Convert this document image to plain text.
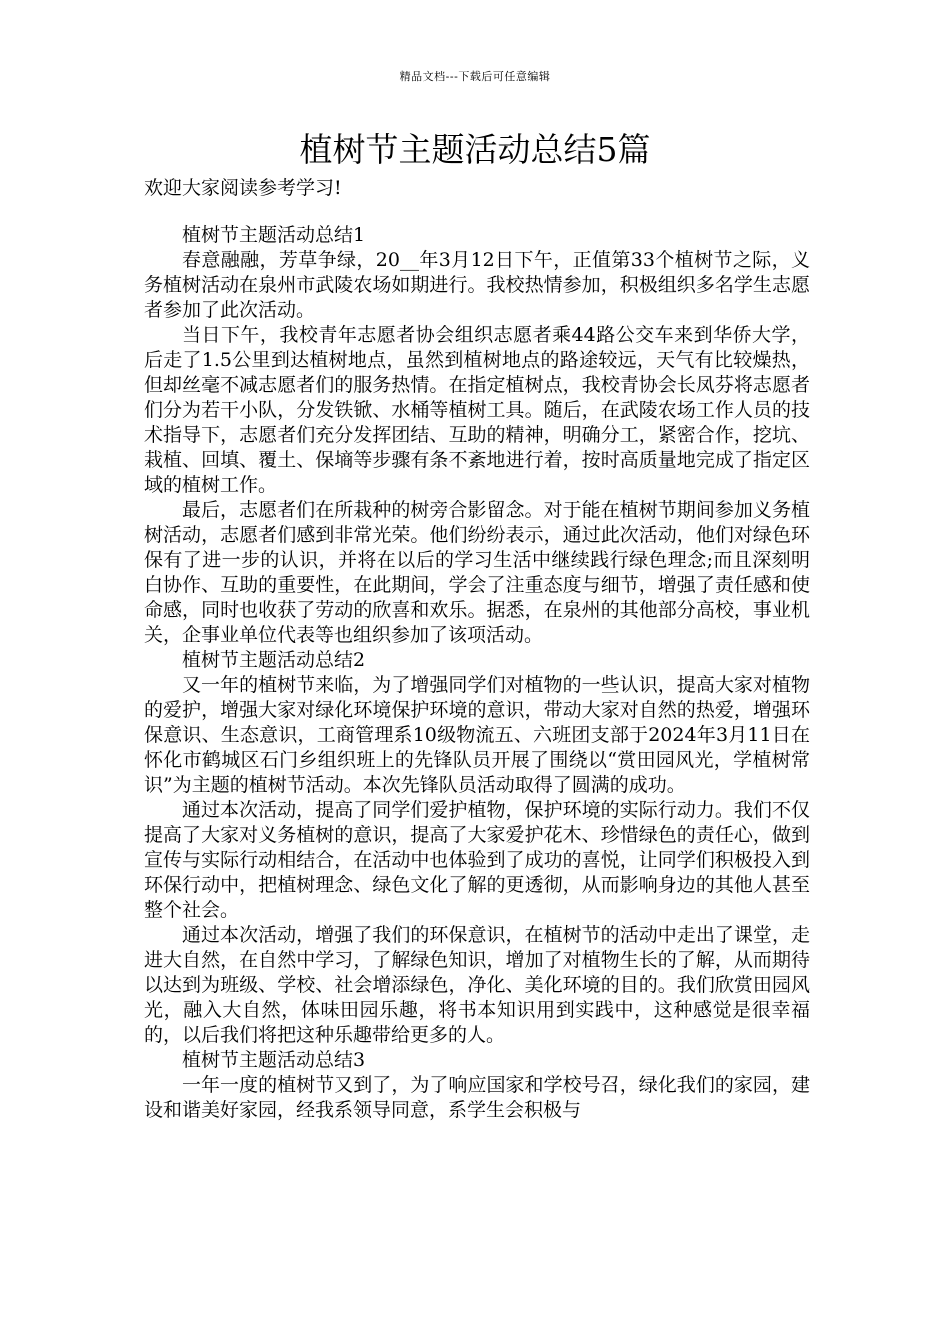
精品文档---下载后可任意编辑
植树节主题活动总结5篇

欢迎大家阅读参考学习!

植树节主题活动总结1

春意融融，芳草争绿，20__年3月12日下午，正值第33个植树节之际，义务植树活动在泉州市武陵农场如期进行。我校热情参加，积极组织多名学生志愿者参加了此次活动。

当日下午，我校青年志愿者协会组织志愿者乘44路公交车来到华侨大学，后走了1.5公里到达植树地点，虽然到植树地点的路途较远，天气有比较燥热，但却丝毫不减志愿者们的服务热情。在指定植树点，我校青协会长凤芬将志愿者们分为若干小队，分发铁锨、水桶等植树工具。随后，在武陵农场工作人员的技术指导下，志愿者们充分发挥团结、互助的精神，明确分工，紧密合作，挖坑、栽植、回填、覆土、保墒等步骤有条不紊地进行着，按时高质量地完成了指定区域的植树工作。

最后，志愿者们在所栽种的树旁合影留念。对于能在植树节期间参加义务植树活动，志愿者们感到非常光荣。他们纷纷表示，通过此次活动，他们对绿色环保有了进一步的认识，并将在以后的学习生活中继续践行绿色理念;而且深刻明白协作、互助的重要性，在此期间，学会了注重态度与细节，增强了责任感和使命感，同时也收获了劳动的欣喜和欢乐。据悉，在泉州的其他部分高校，事业机关，企事业单位代表等也组织参加了该项活动。

植树节主题活动总结2

又一年的植树节来临，为了增强同学们对植物的一些认识，提高大家对植物的爱护，增强大家对绿化环境保护环境的意识，带动大家对自然的热爱，增强环保意识、生态意识，工商管理系10级物流五、六班团支部于2024年3月11日在怀化市鹤城区石门乡组织班上的先锋队员开展了围绕以“赏田园风光，学植树常识”为主题的植树节活动。本次先锋队员活动取得了圆满的成功。

通过本次活动，提高了同学们爱护植物，保护环境的实际行动力。我们不仅提高了大家对义务植树的意识，提高了大家爱护花木、珍惜绿色的责任心，做到宣传与实际行动相结合，在活动中也体验到了成功的喜悦，让同学们积极投入到环保行动中，把植树理念、绿色文化了解的更透彻，从而影响身边的其他人甚至整个社会。

通过本次活动，增强了我们的环保意识，在植树节的活动中走出了课堂，走进大自然，在自然中学习，了解绿色知识，增加了对植物生长的了解，从而期待以达到为班级、学校、社会增添绿色，净化、美化环境的目的。我们欣赏田园风光，融入大自然，体味田园乐趣，将书本知识用到实践中，这种感觉是很幸福的，以后我们将把这种乐趣带给更多的人。

植树节主题活动总结3

一年一度的植树节又到了，为了响应国家和学校号召，绿化我们的家园，建设和谐美好家园，经我系领导同意，系学生会积极与
